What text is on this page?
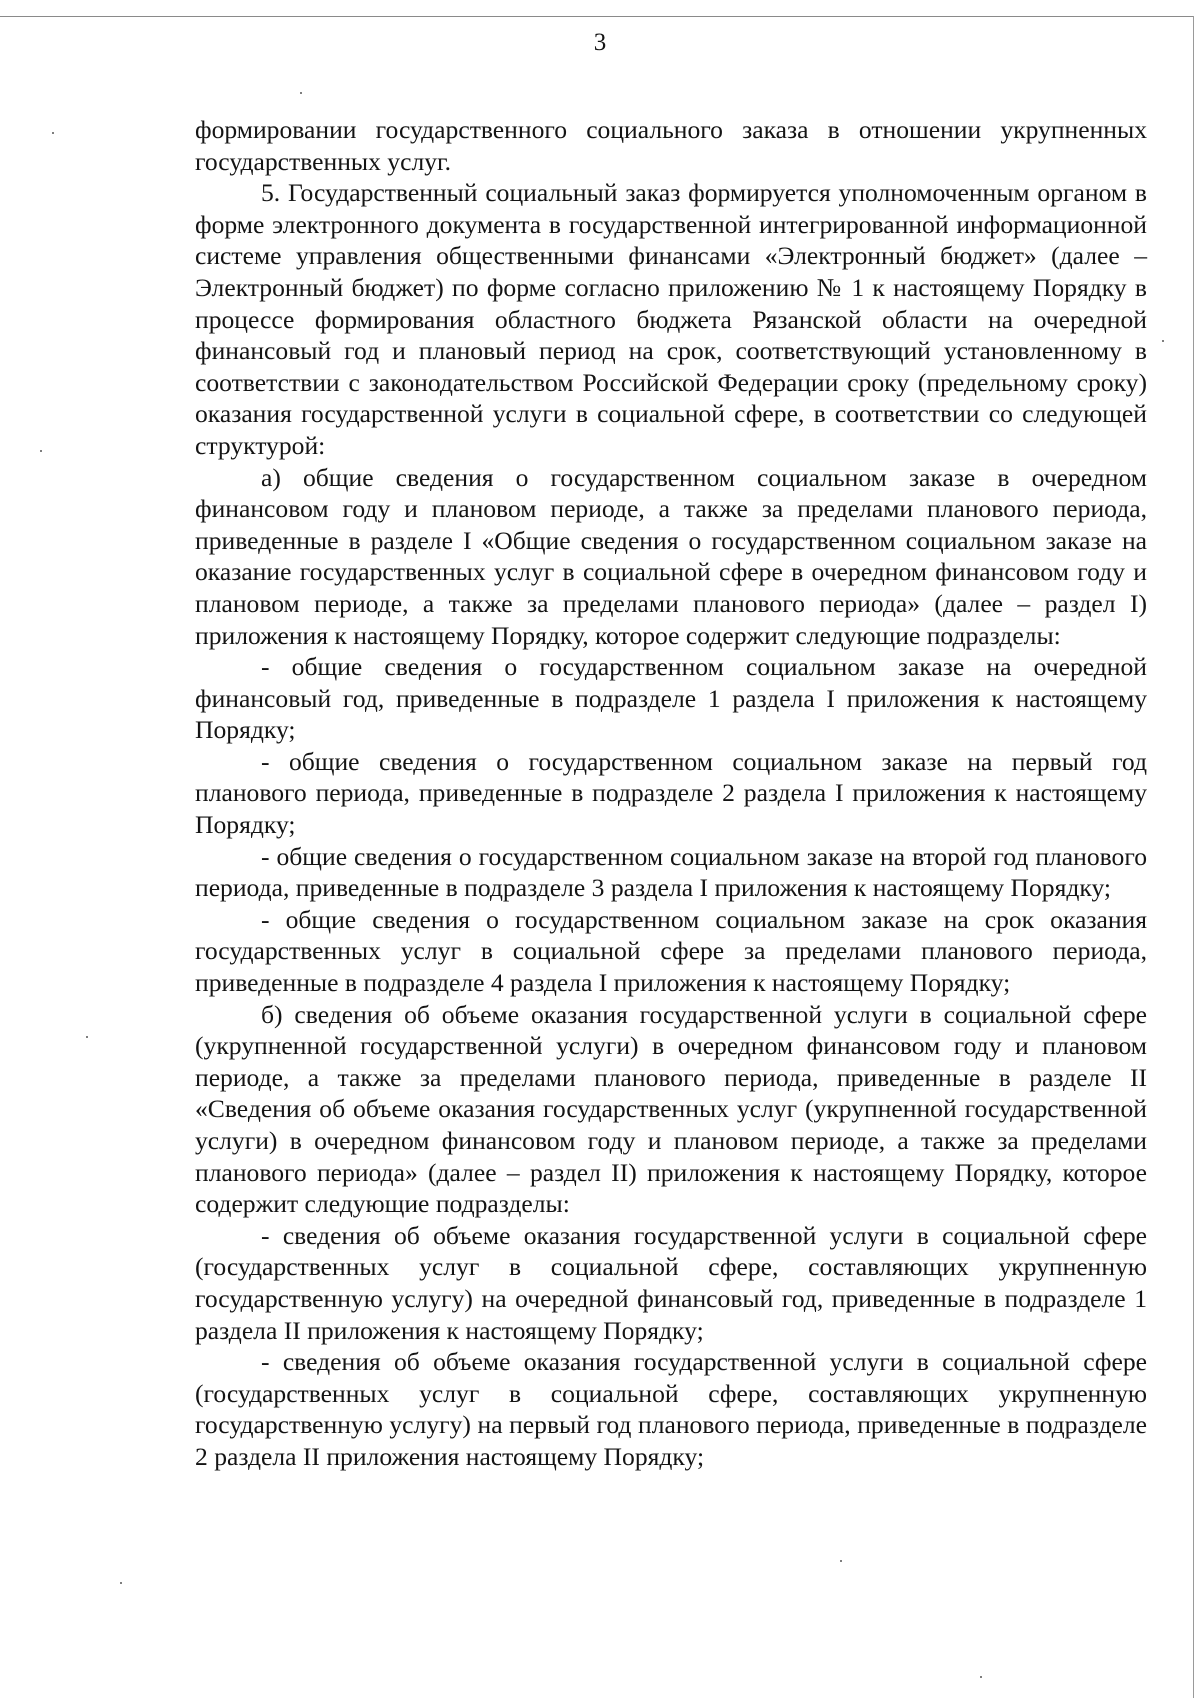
3

формировании государственного социального заказа в отношении укрупненных государственных услуг.

5. Государственный социальный заказ формируется уполномоченным органом в форме электронного документа в государственной интегрированной информационной системе управления общественными финансами «Электронный бюджет» (далее – Электронный бюджет) по форме согласно приложению № 1 к настоящему Порядку в процессе формирования областного бюджета Рязанской области на очередной финансовый год и плановый период на срок, соответствующий установленному в соответствии с законодательством Российской Федерации сроку (предельному сроку) оказания государственной услуги в социальной сфере, в соответствии со следующей структурой:

а) общие сведения о государственном социальном заказе в очередном финансовом году и плановом периоде, а также за пределами планового периода, приведенные в разделе I «Общие сведения о государственном социальном заказе на оказание государственных услуг в социальной сфере в очередном финансовом году и плановом периоде, а также за пределами планового периода» (далее – раздел I) приложения к настоящему Порядку, которое содержит следующие подразделы:

- общие сведения о государственном социальном заказе на очередной финансовый год, приведенные в подразделе 1 раздела I приложения к настоящему Порядку;

- общие сведения о государственном социальном заказе на первый год планового периода, приведенные в подразделе 2 раздела I приложения к настоящему Порядку;

- общие сведения о государственном социальном заказе на второй год планового периода, приведенные в подразделе 3 раздела I приложения к настоящему Порядку;

- общие сведения о государственном социальном заказе на срок оказания государственных услуг в социальной сфере за пределами планового периода, приведенные в подразделе 4 раздела I приложения к настоящему Порядку;

б) сведения об объеме оказания государственной услуги в социальной сфере (укрупненной государственной услуги) в очередном финансовом году и плановом периоде, а также за пределами планового периода, приведенные в разделе II «Сведения об объеме оказания государственных услуг (укрупненной государственной услуги) в очередном финансовом году и плановом периоде, а также за пределами планового периода» (далее – раздел II) приложения к настоящему Порядку, которое содержит следующие подразделы:

- сведения об объеме оказания государственной услуги в социальной сфере (государственных услуг в социальной сфере, составляющих укрупненную государственную услугу) на очередной финансовый год, приведенные в подразделе 1 раздела II приложения к настоящему Порядку;

- сведения об объеме оказания государственной услуги в социальной сфере (государственных услуг в социальной сфере, составляющих укрупненную государственную услугу) на первый год планового периода, приведенные в подразделе 2 раздела II приложения настоящему Порядку;
